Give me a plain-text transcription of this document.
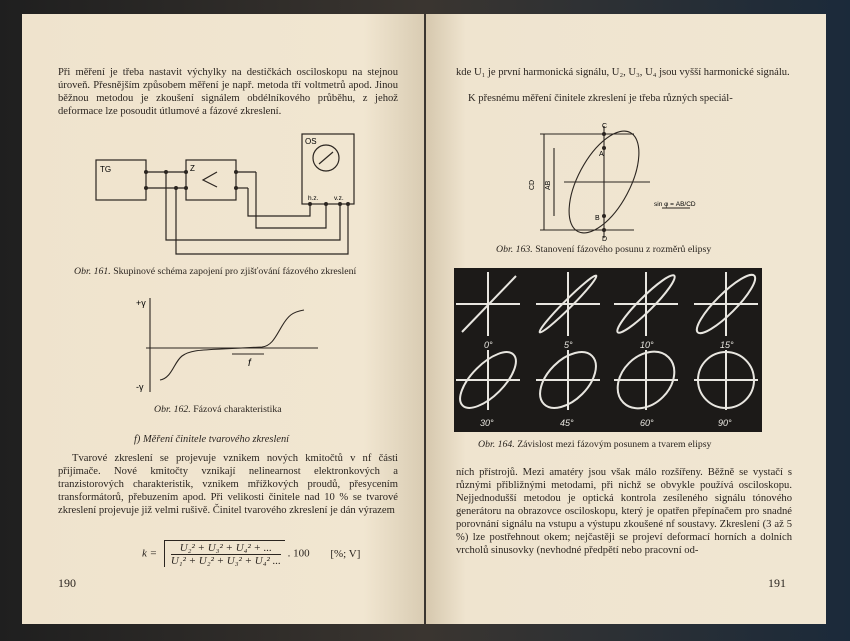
Při měření je třeba nastavit výchylky na destičkách osciloskopu na stejnou úroveň. Přesnějším způsobem měření je např. metoda tří voltmetrů apod. Jinou běžnou metodou je zkoušení signálem obdélníkového průběhu, z jehož deformace lze posoudit útlumové a fázové zkreslení.
TG	Z
OS
h.z. v.z.
Obr. 161. Skupinové schéma zapojení pro zjišťování fázového zkreslení
+γ
-γ
f
Obr. 162. Fázová charakteristika
f) Měření činitele tvarového zkreslení
Tvarové zkreslení se projevuje vznikem nových kmitočtů v nf části přijímače. Nové kmitočty vznikají nelinearnost elektronkových a tranzistorových charakteristik, vznikem mřížkových proudů, přesycením transformátorů, přebuzením apod. Při velikosti činitele nad 10 % se tvarové zkreslení projevuje již velmi rušivě. Činitel tvarového zkreslení je dán výrazem
$k = \frac{\text{U₂² + U₃² + U₄² + ...}}{\text{U₁² + U₂² + U₃² + U₄² ...}}$ . 100 [%; V]
190
kde U₁ je první harmonická signálu, U₂, U₃, U₄ jsou vyšší harmonické signálu.
K přesnému měření činitele zkreslení je třeba různých speciál-
C
A
B
D
CD AB
sin φ = AB/CD
Obr. 163. Stanovení fázového posunu z rozměrů elipsy
0°	5°	10°	15°
30°	45°	60°	90°
Obr. 164. Závislost mezi fázovým posunem a tvarem elipsy
ních přístrojů. Mezi amatéry jsou však málo rozšířeny. Běžně se vystačí s různými přibližnými metodami, při nichž se obvykle používá osciloskopu. Nejjednodušší metodou je optická kontrola zesíleného signálu tónového generátoru na obrazovce osciloskopu, který je opatřen přepínačem pro snadné porovnání signálu na vstupu a výstupu zkoušené nf soustavy. Zkreslení (3 až 5 %) lze postřehnout okem; nejčastěji se projeví deformací horních a dolních vrcholů sinusovky (nevhodné předpětí nebo pracovní od-
191
